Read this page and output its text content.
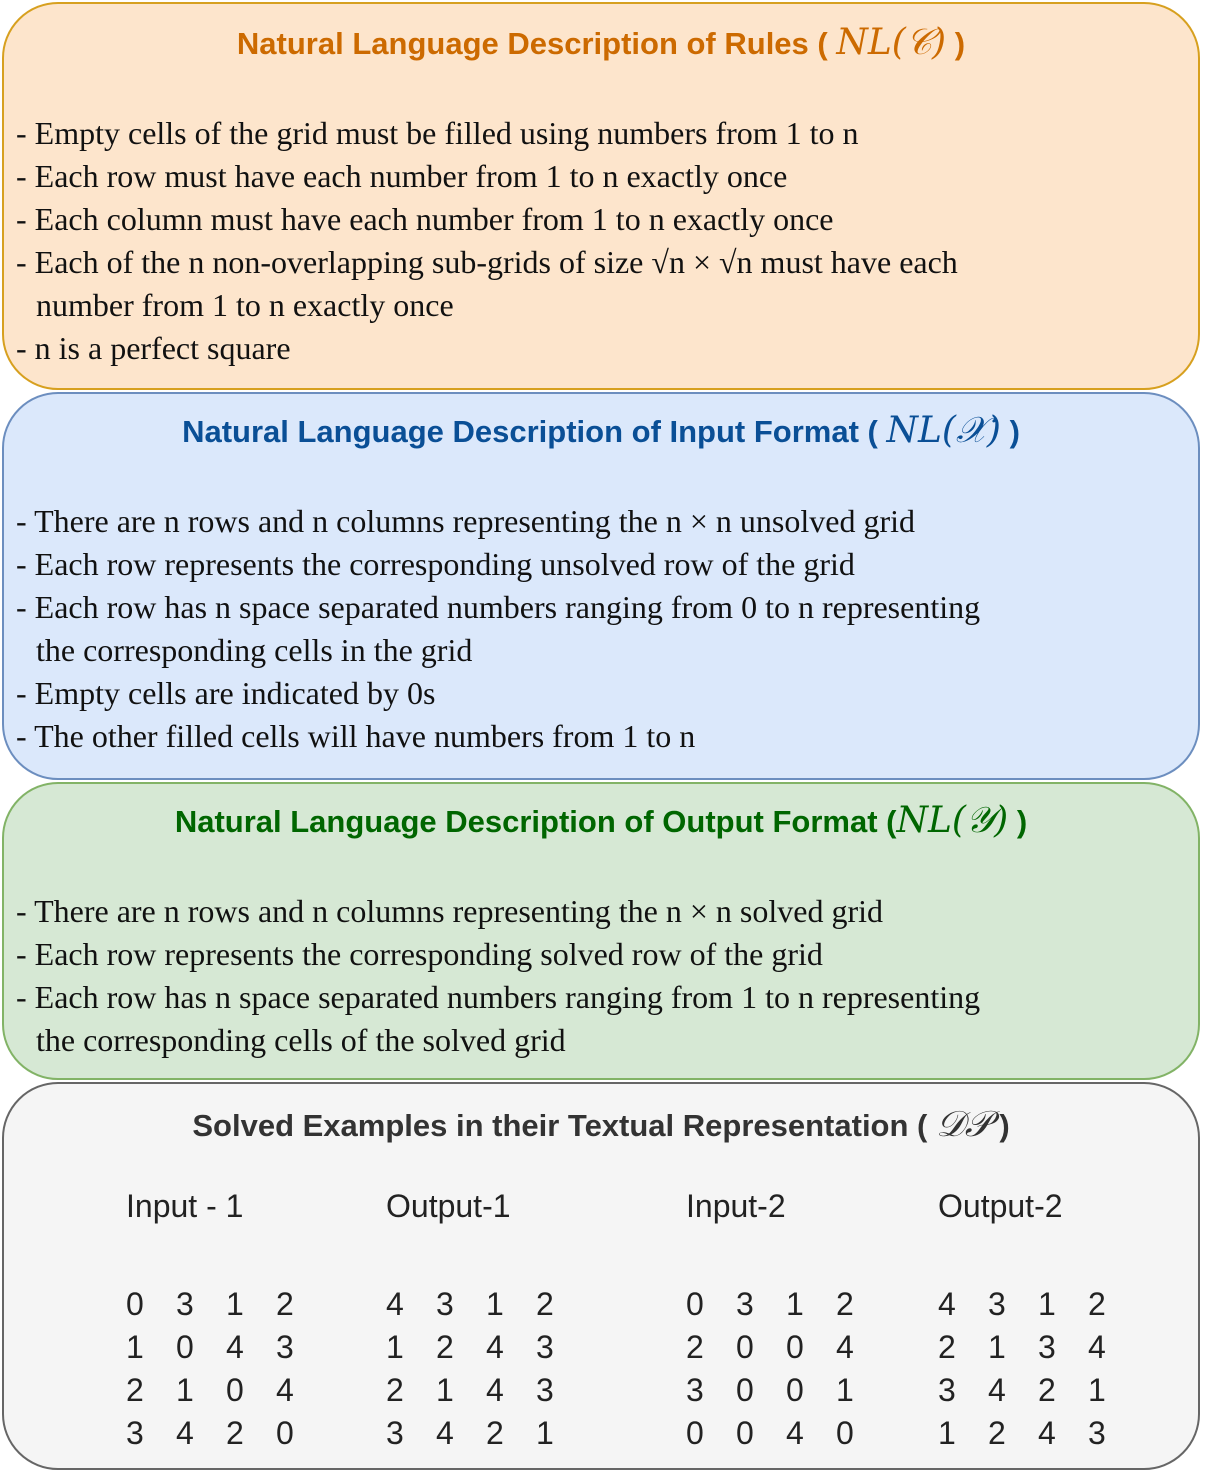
Natural Language Description of Rules ( NL(𝒞) )
- Empty cells of the grid must be filled using numbers from 1 to n
- Each row must have each number from 1 to n exactly once
- Each column must have each number from 1 to n exactly once
- Each of the n non-overlapping sub-grids of size √n × √n must have each
number from 1 to n exactly once
- n is a perfect square
Natural Language Description of Input Format ( NL(𝒳) )
- There are n rows and n columns representing the n × n unsolved grid
- Each row represents the corresponding unsolved row of the grid
- Each row has n space separated numbers ranging from 0 to n representing
the corresponding cells in the grid
- Empty cells are indicated by 0s
- The other filled cells will have numbers from 1 to n
Natural Language Description of Output Format (NL(𝒴) )
- There are n rows and n columns representing the n × n solved grid
- Each row represents the corresponding solved row of the grid
- Each row has n space separated numbers ranging from 1 to n representing
the corresponding cells of the solved grid
Solved Examples in their Textual Representation ( 𝒟𝒫 )
Input - 1
0	3	1	2
1	0	4	3
2	1	0	4
3	4	2	0
Output-1
4	3	1	2
1	2	4	3
2	1	4	3
3	4	2	1
Input-2
0	3	1	2
2	0	0	4
3	0	0	1
0	0	4	0
Output-2
4	3	1	2
2	1	3	4
3	4	2	1
1	2	4	3
